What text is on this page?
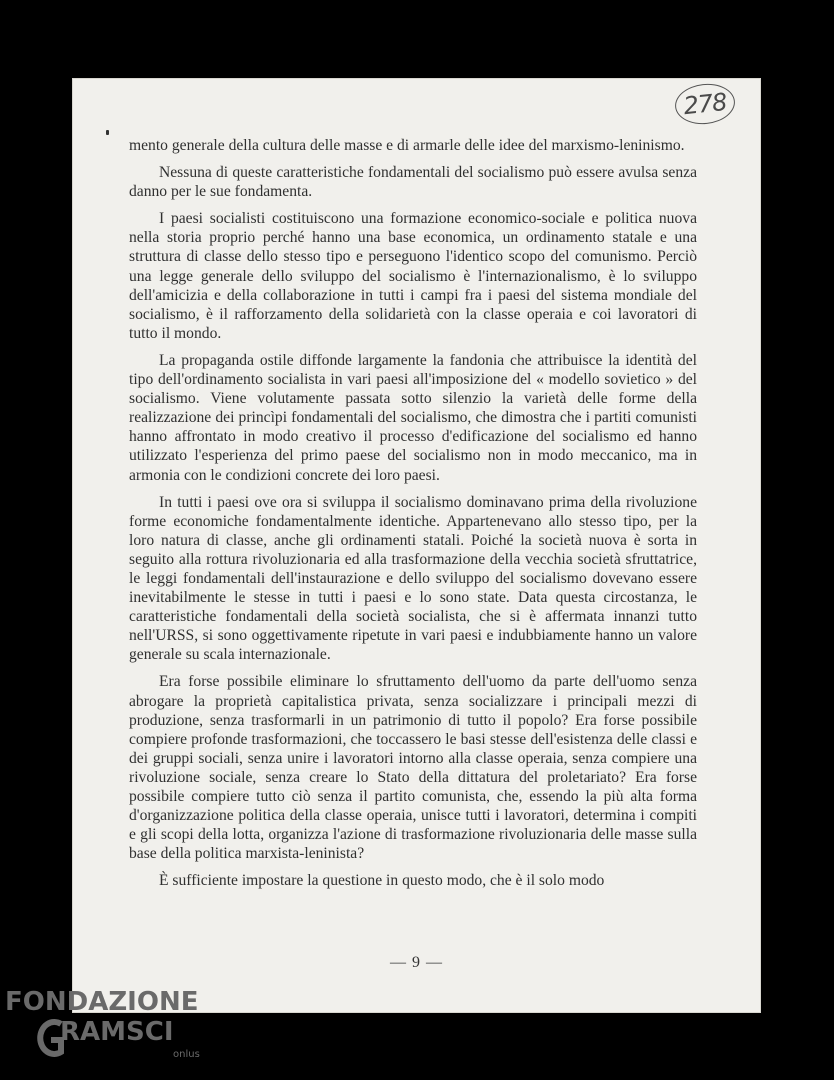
278

mento generale della cultura delle masse e di armarle delle idee del marxismo-leninismo.

Nessuna di queste caratteristiche fondamentali del socialismo può essere avulsa senza danno per le sue fondamenta.

I paesi socialisti costituiscono una formazione economico-sociale e politica nuova nella storia proprio perché hanno una base economica, un ordinamento statale e una struttura di classe dello stesso tipo e perseguono l'identico scopo del comunismo. Perciò una legge generale dello sviluppo del socialismo è l'internazionalismo, è lo sviluppo dell'amicizia e della collaborazione in tutti i campi fra i paesi del sistema mondiale del socialismo, è il rafforzamento della solidarietà con la classe operaia e coi lavoratori di tutto il mondo.

La propaganda ostile diffonde largamente la fandonia che attribuisce la identità del tipo dell'ordinamento socialista in vari paesi all'imposizione del « modello sovietico » del socialismo. Viene volutamente passata sotto silenzio la varietà delle forme della realizzazione dei princìpi fondamentali del socialismo, che dimostra che i partiti comunisti hanno affrontato in modo creativo il processo d'edificazione del socialismo ed hanno utilizzato l'esperienza del primo paese del socialismo non in modo meccanico, ma in armonia con le condizioni concrete dei loro paesi.

In tutti i paesi ove ora si sviluppa il socialismo dominavano prima della rivoluzione forme economiche fondamentalmente identiche. Appartenevano allo stesso tipo, per la loro natura di classe, anche gli ordinamenti statali. Poiché la società nuova è sorta in seguito alla rottura rivoluzionaria ed alla trasformazione della vecchia società sfruttatrice, le leggi fondamentali dell'instaurazione e dello sviluppo del socialismo dovevano essere inevitabilmente le stesse in tutti i paesi e lo sono state. Data questa circostanza, le caratteristiche fondamentali della società socialista, che si è affermata innanzi tutto nell'URSS, si sono oggettivamente ripetute in vari paesi e indubbiamente hanno un valore generale su scala internazionale.

Era forse possibile eliminare lo sfruttamento dell'uomo da parte dell'uomo senza abrogare la proprietà capitalistica privata, senza socializzare i principali mezzi di produzione, senza trasformarli in un patrimonio di tutto il popolo? Era forse possibile compiere profonde trasformazioni, che toccassero le basi stesse dell'esistenza delle classi e dei gruppi sociali, senza unire i lavoratori intorno alla classe operaia, senza compiere una rivoluzione sociale, senza creare lo Stato della dittatura del proletariato? Era forse possibile compiere tutto ciò senza il partito comunista, che, essendo la più alta forma d'organizzazione politica della classe operaia, unisce tutti i lavoratori, determina i compiti e gli scopi della lotta, organizza l'azione di trasformazione rivoluzionaria delle masse sulla base della politica marxista-leninista?

È sufficiente impostare la questione in questo modo, che è il solo modo

— 9 —
FONDAZIONE
RAMSCI
onlus
